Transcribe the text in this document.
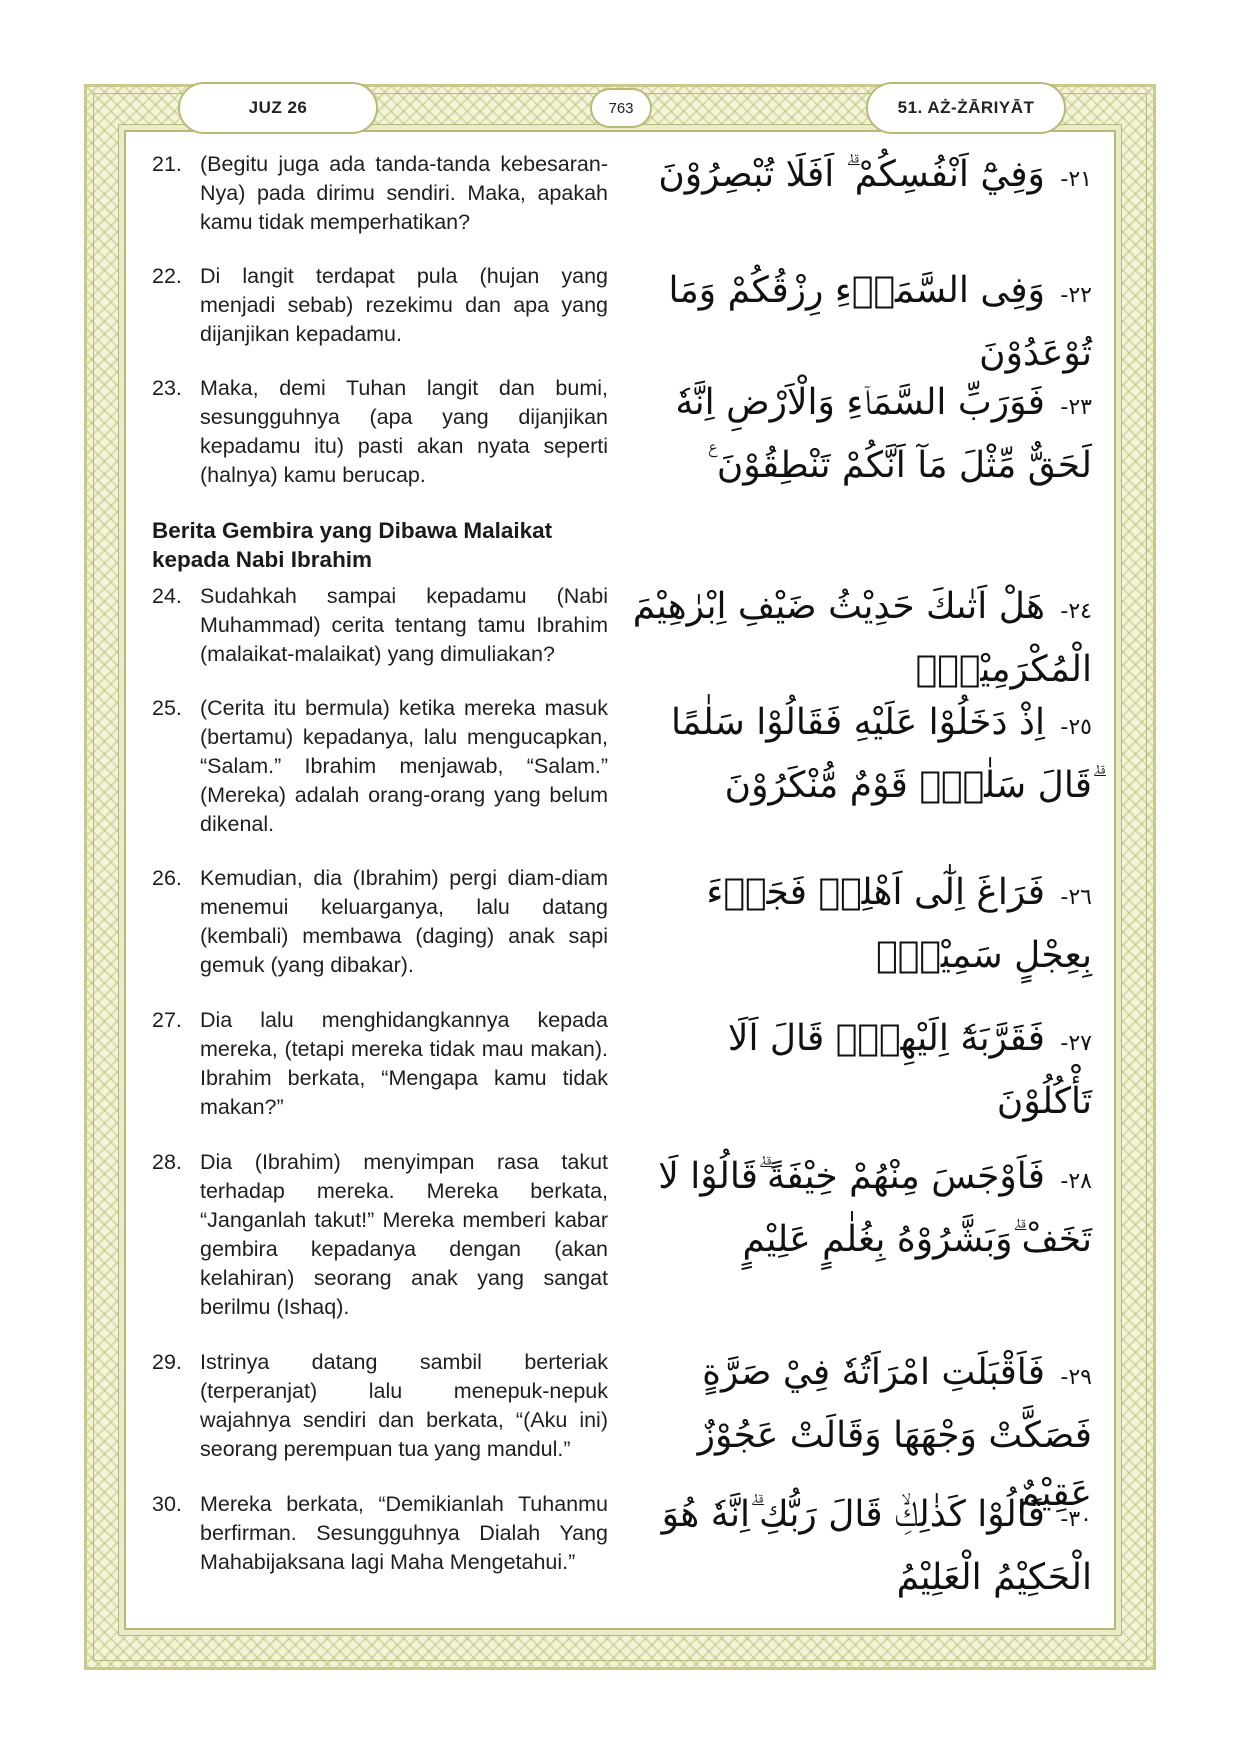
JUZ 26	763	51. AŻ-ŻĀRIYĀT
21. (Begitu juga ada tanda-tanda kebesaran-Nya) pada dirimu sendiri. Maka, apakah kamu tidak memperhatikan?
٢١- وَفِيْٓ اَنْفُسِكُمْ ۗ اَفَلَا تُبْصِرُوْنَ
22. Di langit terdapat pula (hujan yang menjadi sebab) rezekimu dan apa yang dijanjikan kepadamu.
٢٢- وَفِى السَّمَاۤءِ رِزْقُكُمْ وَمَا تُوْعَدُوْنَ
23. Maka, demi Tuhan langit dan bumi, sesungguhnya (apa yang dijanjikan kepadamu itu) pasti akan nyata seperti (halnya) kamu berucap.
٢٣- فَوَرَبِّ السَّمَاۤءِ وَالْاَرْضِ اِنَّهٗ لَحَقٌّ مِّثْلَ مَآ اَنَّكُمْ تَنْطِقُوْنَ ࣖ
Berita Gembira yang Dibawa Malaikat kepada Nabi Ibrahim
24. Sudahkah sampai kepadamu (Nabi Muhammad) cerita tentang tamu Ibrahim (malaikat-malaikat) yang dimuliakan?
٢٤- هَلْ اَتٰىكَ حَدِيْثُ ضَيْفِ اِبْرٰهِيْمَ الْمُكْرَمِيْنَۘ
25. (Cerita itu bermula) ketika mereka masuk (bertamu) kepadanya, lalu mengucapkan, “Salam.” Ibrahim menjawab, “Salam.” (Mereka) adalah orang-orang yang belum dikenal.
٢٥- اِذْ دَخَلُوْا عَلَيْهِ فَقَالُوْا سَلٰمًا ۗقَالَ سَلٰمٌۚ قَوْمٌ مُّنْكَرُوْنَ
26. Kemudian, dia (Ibrahim) pergi diam-diam menemui keluarganya, lalu datang (kembali) membawa (daging) anak sapi gemuk (yang dibakar).
٢٦- فَرَاغَ اِلٰٓى اَهْلِهٖ فَجَاۤءَ بِعِجْلٍ سَمِيْنٍۙ
27. Dia lalu menghidangkannya kepada mereka, (tetapi mereka tidak mau makan). Ibrahim berkata, “Mengapa kamu tidak makan?”
٢٧- فَقَرَّبَهٗٓ اِلَيْهِمْۚ قَالَ اَلَا تَأْكُلُوْنَ
28. Dia (Ibrahim) menyimpan rasa takut terhadap mereka. Mereka berkata, “Janganlah takut!” Mereka memberi kabar gembira kepadanya dengan (akan kelahiran) seorang anak yang sangat berilmu (Ishaq).
٢٨- فَاَوْجَسَ مِنْهُمْ خِيْفَةً ۗقَالُوْا لَا تَخَفْ ۗوَبَشَّرُوْهُ بِغُلٰمٍ عَلِيْمٍ
29. Istrinya datang sambil berteriak (terperanjat) lalu menepuk-nepuk wajahnya sendiri dan berkata, “(Aku ini) seorang perempuan tua yang mandul.”
٢٩- فَاَقْبَلَتِ امْرَاَتُهٗ فِيْ صَرَّةٍ فَصَكَّتْ وَجْهَهَا وَقَالَتْ عَجُوْزٌ عَقِيْمٌ
30. Mereka berkata, “Demikianlah Tuhanmu berfirman. Sesungguhnya Dialah Yang Mahabijaksana lagi Maha Mengetahui.”
٣٠- قَالُوْا كَذٰلِكِۙ قَالَ رَبُّكِ ۗاِنَّهٗ هُوَ الْحَكِيْمُ الْعَلِيْمُ
